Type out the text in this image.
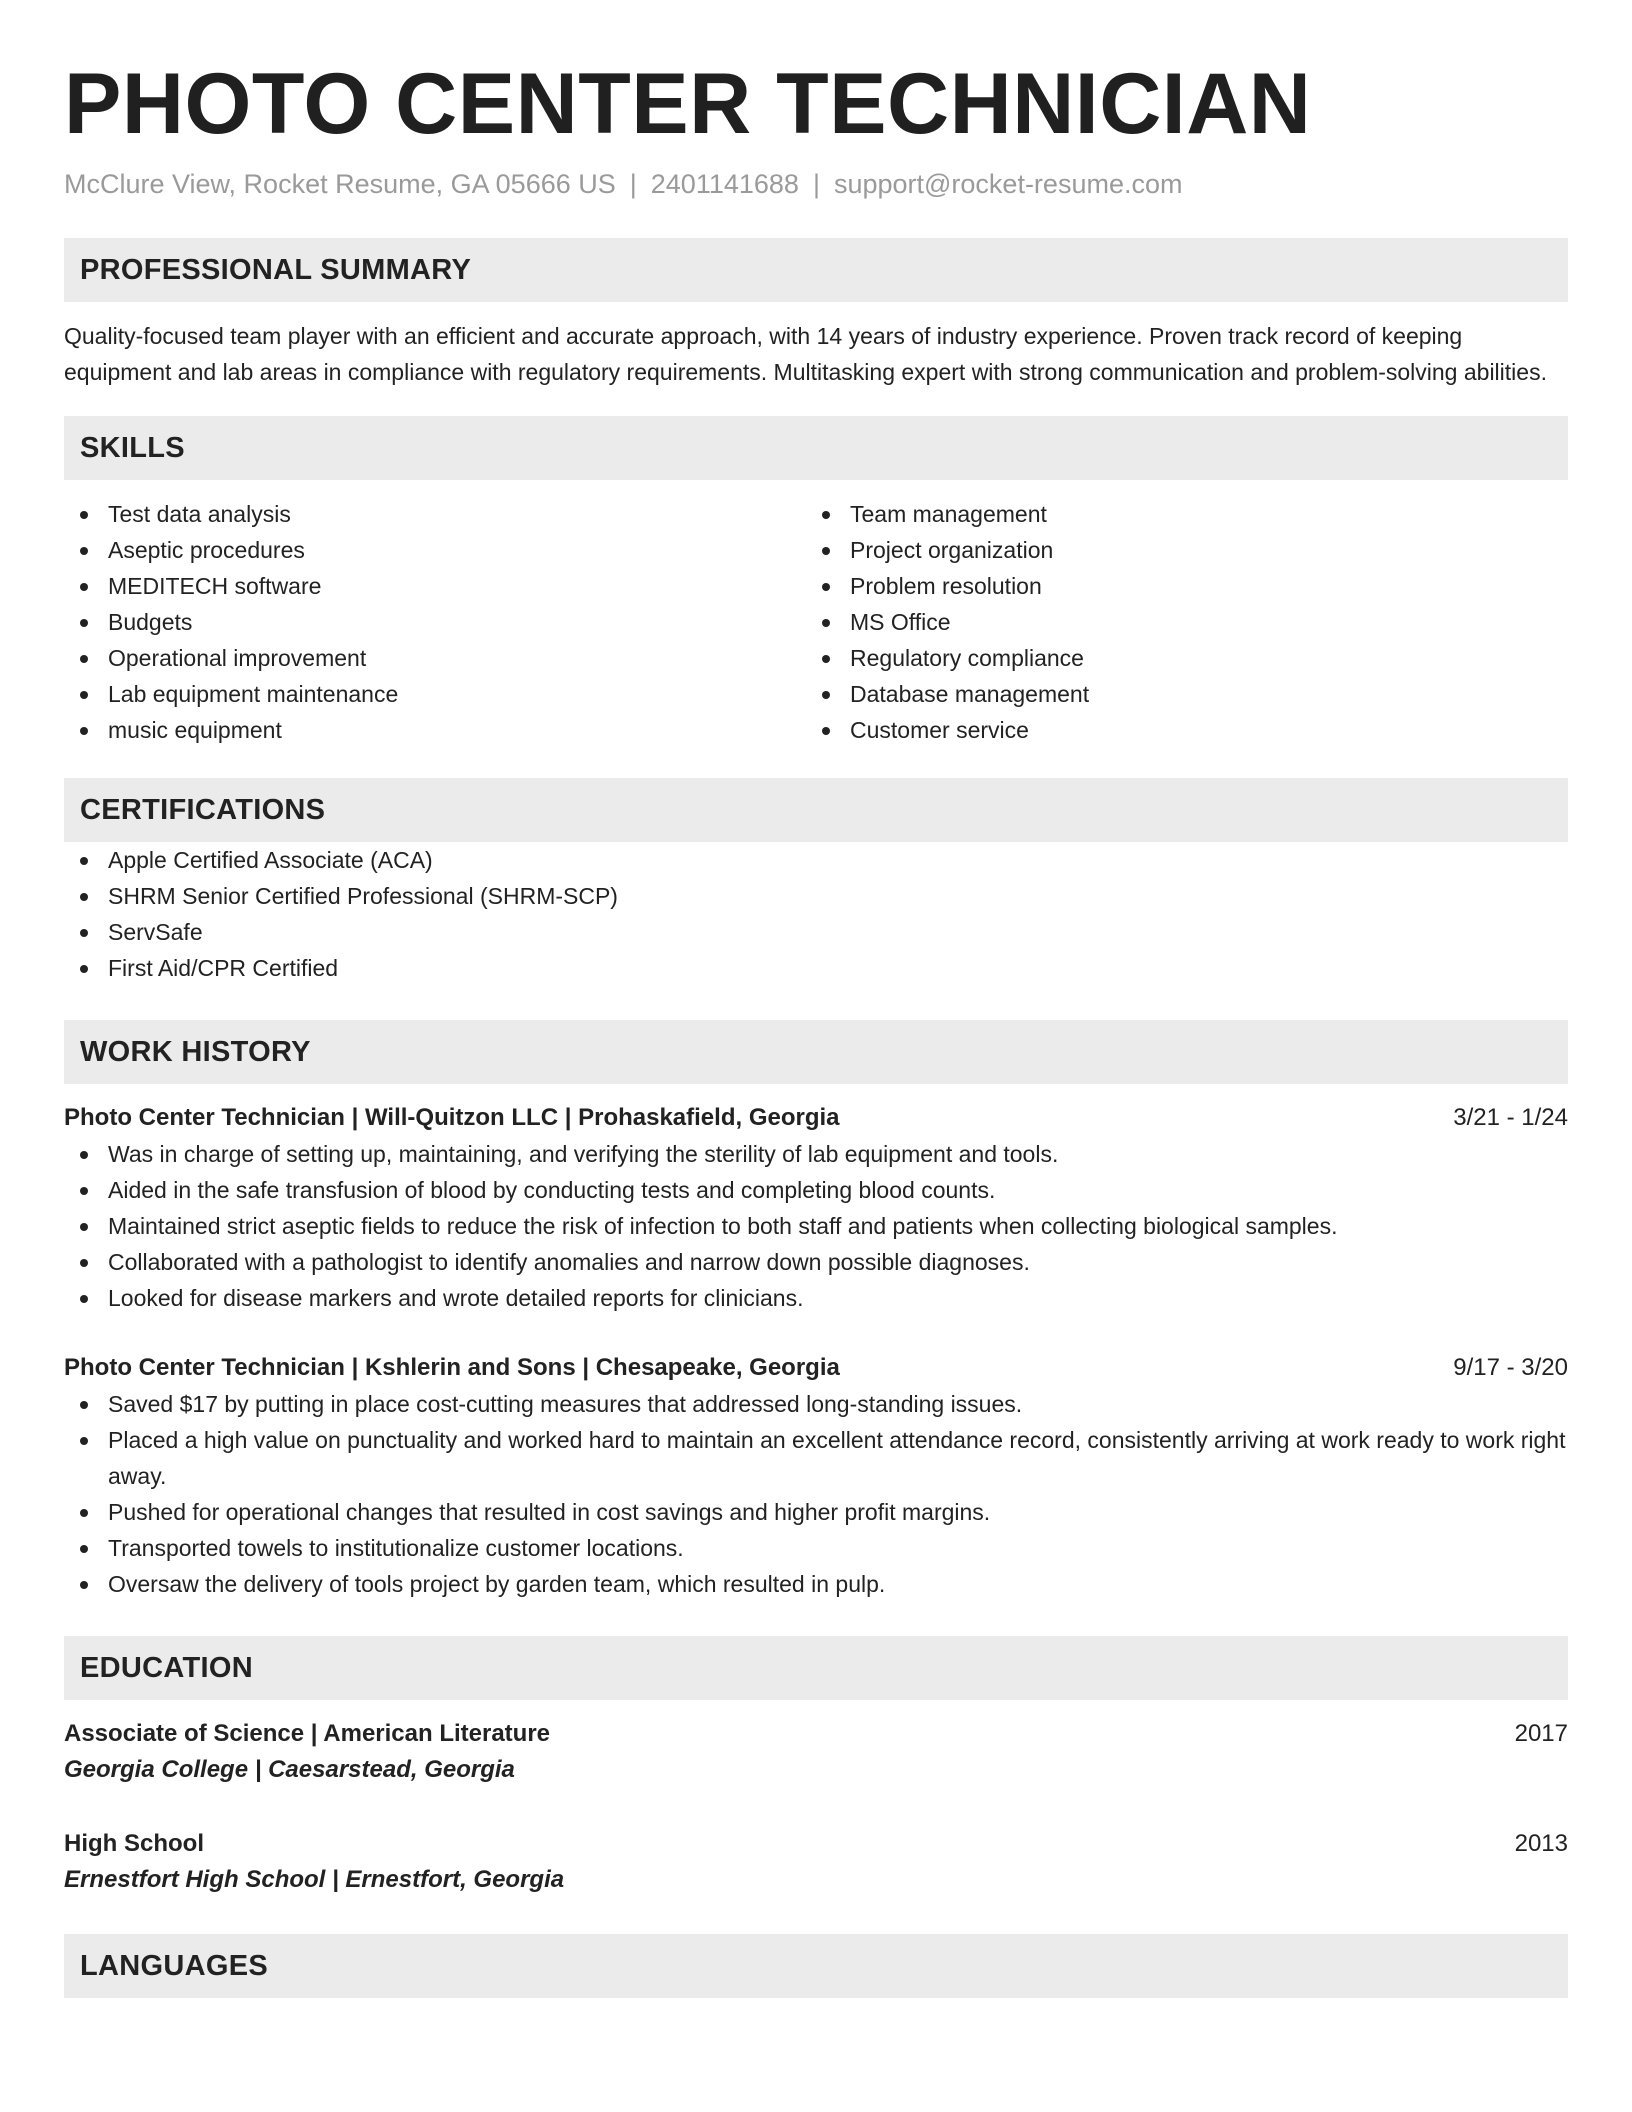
PHOTO CENTER TECHNICIAN
McClure View, Rocket Resume, GA 05666 US | 2401141688 | support@rocket-resume.com
PROFESSIONAL SUMMARY

Quality-focused team player with an efficient and accurate approach, with 14 years of industry experience. Proven track record of keeping equipment and lab areas in compliance with regulatory requirements. Multitasking expert with strong communication and problem-solving abilities.

SKILLS
Test data analysis
Aseptic procedures
MEDITECH software
Budgets
Operational improvement
Lab equipment maintenance
music equipment
Team management
Project organization
Problem resolution
MS Office
Regulatory compliance
Database management
Customer service
CERTIFICATIONS
Apple Certified Associate (ACA)
SHRM Senior Certified Professional (SHRM-SCP)
ServSafe
First Aid/CPR Certified
WORK HISTORY
Photo Center Technician | Will-Quitzon LLC | Prohaskafield, Georgia	3/21 - 1/24
Was in charge of setting up, maintaining, and verifying the sterility of lab equipment and tools.
Aided in the safe transfusion of blood by conducting tests and completing blood counts.
Maintained strict aseptic fields to reduce the risk of infection to both staff and patients when collecting biological samples.
Collaborated with a pathologist to identify anomalies and narrow down possible diagnoses.
Looked for disease markers and wrote detailed reports for clinicians.
Photo Center Technician | Kshlerin and Sons | Chesapeake, Georgia	9/17 - 3/20
Saved $17 by putting in place cost-cutting measures that addressed long-standing issues.
Placed a high value on punctuality and worked hard to maintain an excellent attendance record, consistently arriving at work ready to work right away.
Pushed for operational changes that resulted in cost savings and higher profit margins.
Transported towels to institutionalize customer locations.
Oversaw the delivery of tools project by garden team, which resulted in pulp.
EDUCATION
Associate of Science | American Literature	2017
Georgia College | Caesarstead, Georgia
High School	2013
Ernestfort High School | Ernestfort, Georgia
LANGUAGES
